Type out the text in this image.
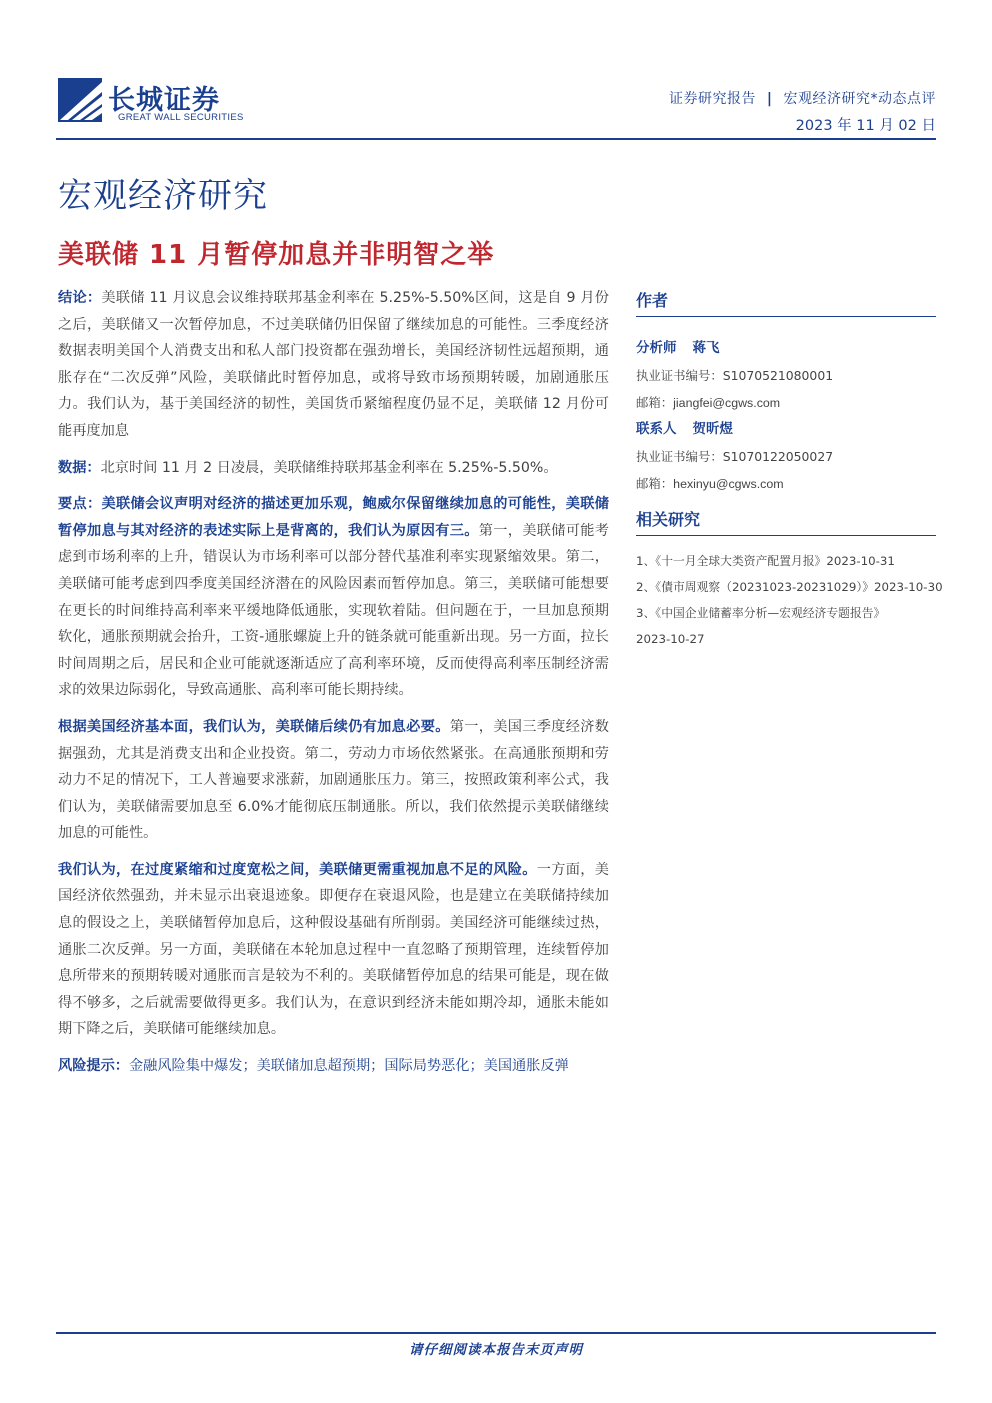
长城证券
GREAT WALL SECURITIES
证券研究报告 | 宏观经济研究*动态点评
2023 年 11 月 02 日
宏观经济研究
美联储 11 月暂停加息并非明智之举

结论：美联储 11 月议息会议维持联邦基金利率在 5.25%-5.50%区间，这是自 9 月份之后，美联储又一次暂停加息，不过美联储仍旧保留了继续加息的可能性。三季度经济数据表明美国个人消费支出和私人部门投资都在强劲增长，美国经济韧性远超预期，通胀存在“二次反弹”风险，美联储此时暂停加息，或将导致市场预期转暖，加剧通胀压力。我们认为，基于美国经济的韧性，美国货币紧缩程度仍显不足，美联储 12 月份可能再度加息

数据：北京时间 11 月 2 日凌晨，美联储维持联邦基金利率在 5.25%-5.50%。

要点：美联储会议声明对经济的描述更加乐观，鲍威尔保留继续加息的可能性，美联储暂停加息与其对经济的表述实际上是背离的，我们认为原因有三。第一，美联储可能考虑到市场利率的上升，错误认为市场利率可以部分替代基准利率实现紧缩效果。第二，美联储可能考虑到四季度美国经济潜在的风险因素而暂停加息。第三，美联储可能想要在更长的时间维持高利率来平缓地降低通胀，实现软着陆。但问题在于，一旦加息预期软化，通胀预期就会抬升，工资-通胀螺旋上升的链条就可能重新出现。另一方面，拉长时间周期之后，居民和企业可能就逐渐适应了高利率环境，反而使得高利率压制经济需求的效果边际弱化，导致高通胀、高利率可能长期持续。

根据美国经济基本面，我们认为，美联储后续仍有加息必要。第一，美国三季度经济数据强劲，尤其是消费支出和企业投资。第二，劳动力市场依然紧张。在高通胀预期和劳动力不足的情况下，工人普遍要求涨薪，加剧通胀压力。第三，按照政策利率公式，我们认为，美联储需要加息至 6.0%才能彻底压制通胀。所以，我们依然提示美联储继续加息的可能性。

我们认为，在过度紧缩和过度宽松之间，美联储更需重视加息不足的风险。一方面，美国经济依然强劲，并未显示出衰退迹象。即便存在衰退风险，也是建立在美联储持续加息的假设之上，美联储暂停加息后，这种假设基础有所削弱。美国经济可能继续过热，通胀二次反弹。另一方面，美联储在本轮加息过程中一直忽略了预期管理，连续暂停加息所带来的预期转暖对通胀而言是较为不利的。美联储暂停加息的结果可能是，现在做得不够多，之后就需要做得更多。我们认为，在意识到经济未能如期冷却，通胀未能如期下降之后，美联储可能继续加息。

风险提示：金融风险集中爆发；美联储加息超预期；国际局势恶化；美国通胀反弹

作者
分析师 蒋飞
执业证书编号：S1070521080001
邮箱：jiangfei@cgws.com
联系人 贺昕煜
执业证书编号：S1070122050027
邮箱：hexinyu@cgws.com
相关研究
1、《十一月全球大类资产配置月报》2023-10-31
2、《債市周观察（20231023-20231029）》2023-10-30
3、《中国企业储蓄率分析—宏观经济专题报告》
2023-10-27
请仔细阅读本报告末页声明
